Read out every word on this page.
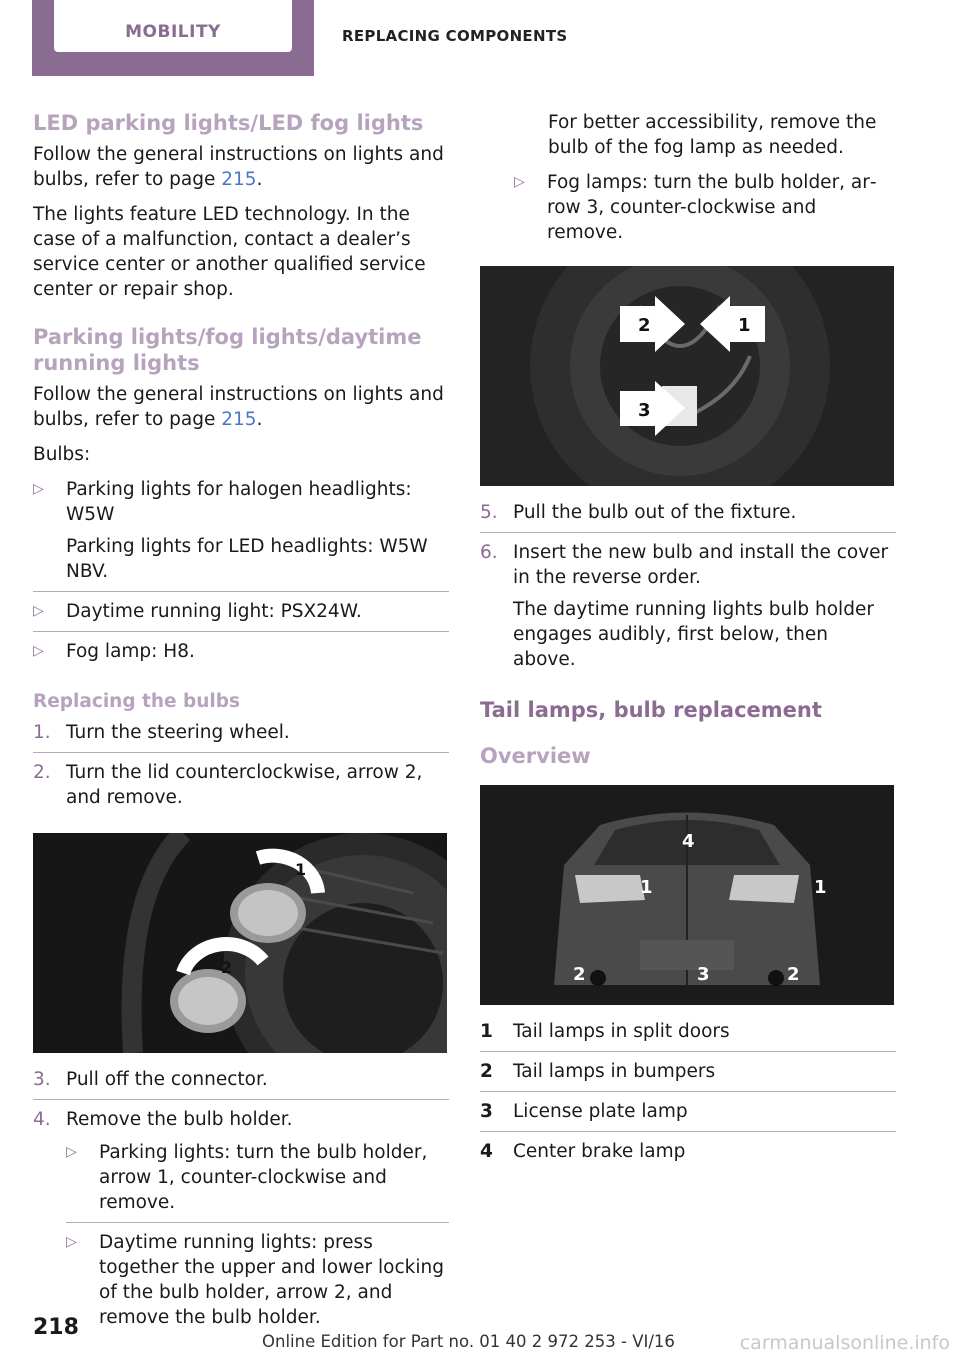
MOBILITY	REPLACING COMPONENTS
LED parking lights/LED fog lights

Follow the general instructions on lights and bulbs, refer to page 215.

The lights feature LED technology. In the case of a malfunction, contact a dealer’s service center or another qualified service center or repair shop.

Parking lights/fog lights/daytime running lights

Follow the general instructions on lights and bulbs, refer to page 215.

Bulbs:

▷ Parking lights for halogen headlights: W5W
Parking lights for LED headlights: W5W NBV.
▷ Daytime running light: PSX24W.
▷ Fog lamp: H8.
Replacing the bulbs
1. Turn the steering wheel.
2. Turn the lid counterclockwise, arrow 2, and remove.
1
2
3. Pull off the connector.
4. Remove the bulb holder.
▷ Parking lights: turn the bulb holder, arrow 1, counter-clockwise and remove.
▷ Daytime running lights: press together the upper and lower locking of the bulb holder, arrow 2, and remove the bulb holder.

For better accessibility, remove the bulb of the fog lamp as needed.

▷ Fog lamps: turn the bulb holder, arrow 3, counter-clockwise and remove.
2	1
3
5. Pull the bulb out of the fixture.
6. Insert the new bulb and install the cover in the reverse order.
The daytime running lights bulb holder engages audibly, first below, then above.
Tail lamps, bulb replacement
Overview
4
1	1
2	3	2
1 Tail lamps in split doors
2 Tail lamps in bumpers
3 License plate lamp
4 Center brake lamp
218
Online Edition for Part no. 01 40 2 972 253 - VI/16	carmanualsonline.info
